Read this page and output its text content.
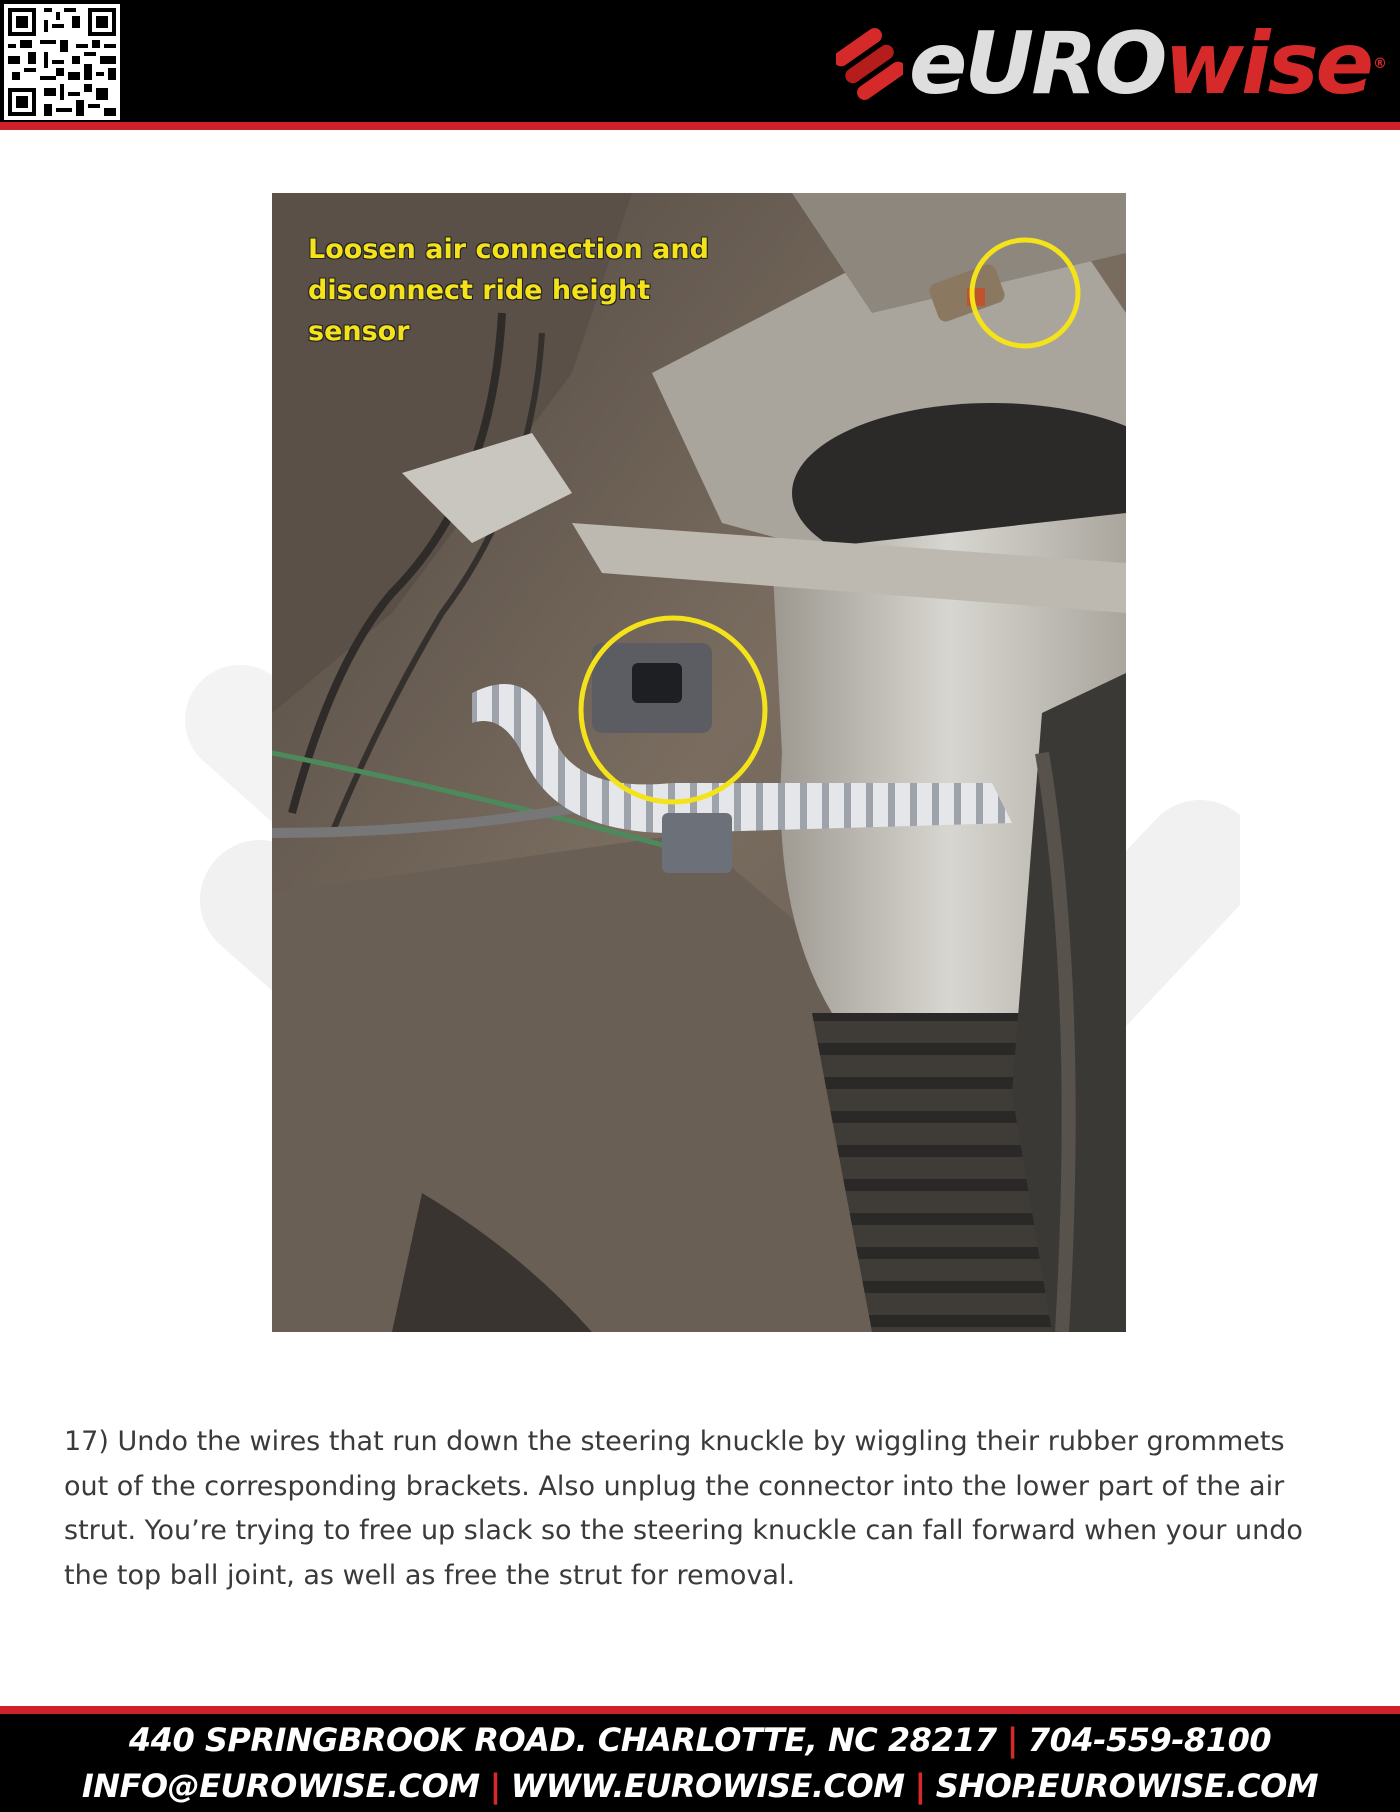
eUROwise ®
Loosen air connection and disconnect ride height sensor

17) Undo the wires that run down the steering knuckle by wiggling their rubber grommets out of the corresponding brackets. Also unplug the connector into the lower part of the air strut. You’re trying to free up slack so the steering knuckle can fall forward when your undo the top ball joint, as well as free the strut for removal.

440 SPRINGBROOK ROAD. CHARLOTTE, NC 28217 | 704-559-8100
INFO@EUROWISE.COM | WWW.EUROWISE.COM | SHOP.EUROWISE.COM
